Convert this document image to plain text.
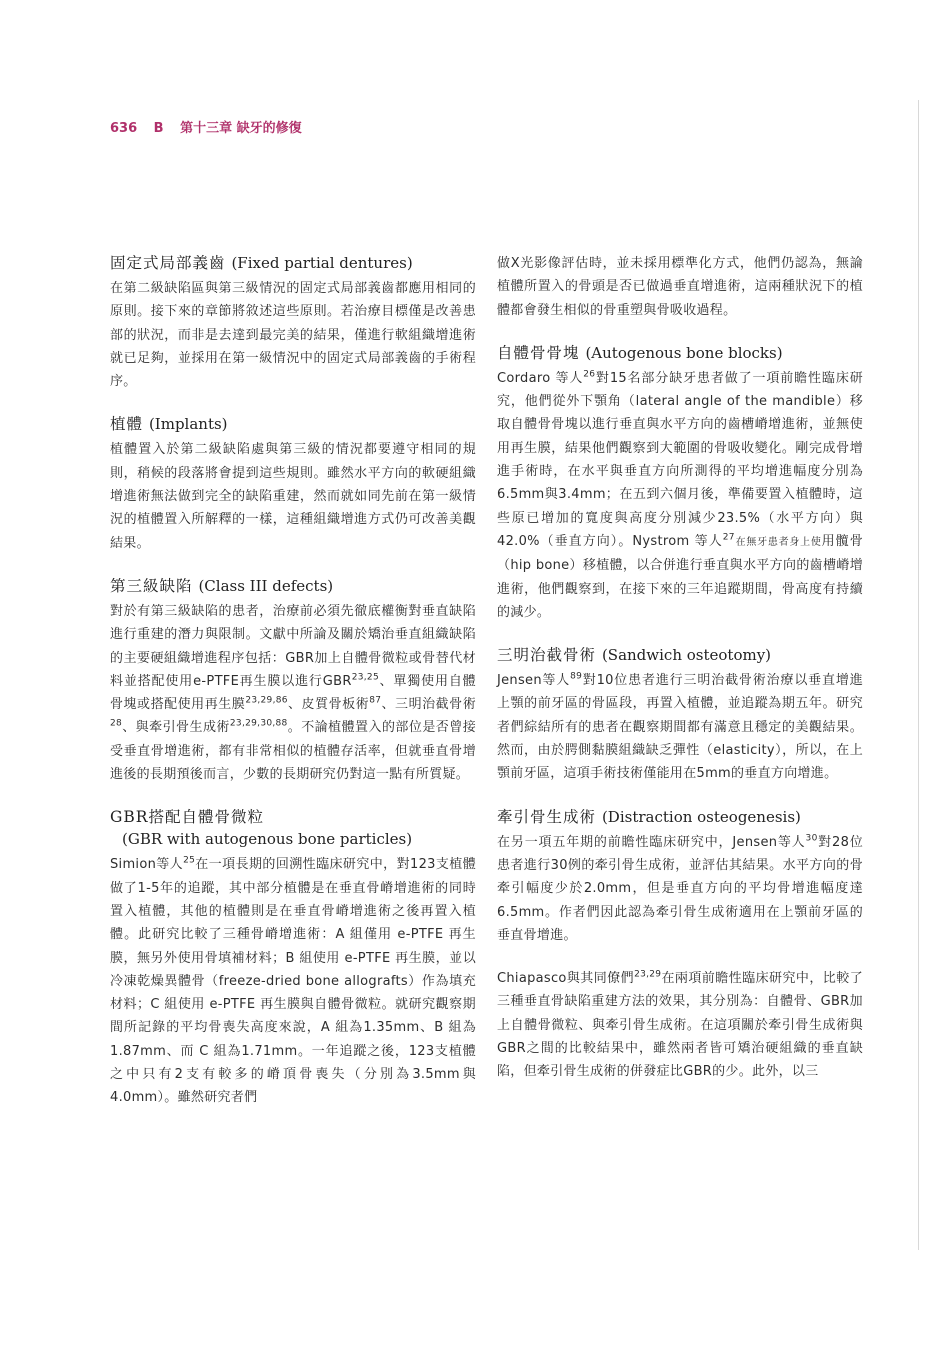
636 B 第十三章 缺牙的修復
固定式局部義齒 (Fixed partial dentures)

在第二級缺陷區與第三級情況的固定式局部義齒都應用相同的原則。接下來的章節將敘述這些原則。若治療目標僅是改善患部的狀況，而非是去達到最完美的結果，僅進行軟組織增進術就已足夠，並採用在第一級情況中的固定式局部義齒的手術程序。

植體 (Implants)

植體置入於第二級缺陷處與第三級的情況都要遵守相同的規則，稍候的段落將會提到這些規則。雖然水平方向的軟硬組織增進術無法做到完全的缺陷重建，然而就如同先前在第一級情況的植體置入所解釋的一樣，這種組織增進方式仍可改善美觀結果。

第三級缺陷 (Class III defects)

對於有第三級缺陷的患者，治療前必須先徹底權衡對垂直缺陷進行重建的潛力與限制。文獻中所論及關於矯治垂直組織缺陷的主要硬組織增進程序包括：GBR加上自體骨微粒或骨替代材料並搭配使用e-PTFE再生膜以進行GBR$^{23,25}$、單獨使用自體骨塊或搭配使用再生膜$^{23,29,86}$、皮質骨板術$^{87}$、三明治截骨術$^{28}$、與牽引骨生成術$^{23,29,30,88}$。不論植體置入的部位是否曾接受垂直骨增進術，都有非常相似的植體存活率，但就垂直骨增進後的長期預後而言，少數的長期研究仍對這一點有所質疑。

GBR搭配自體骨微粒
(GBR with autogenous bone particles)

Simion等人$^{25}$在一項長期的回溯性臨床研究中，對123支植體做了1-5年的追蹤，其中部分植體是在垂直骨嵴增進術的同時置入植體，其他的植體則是在垂直骨嵴增進術之後再置入植體。此研究比較了三種骨嵴增進術：A 組僅用 e-PTFE 再生膜，無另外使用骨填補材料；B 組使用 e-PTFE 再生膜，並以冷凍乾燥異體骨（freeze-dried bone allografts）作為填充材料；C 組使用 e-PTFE 再生膜與自體骨微粒。就研究觀察期間所記錄的平均骨喪失高度來說，A 組為1.35mm、B 組為1.87mm、而 C 組為1.71mm。一年追蹤之後，123支植體之中只有2支有較多的嵴頂骨喪失（分別為3.5mm與4.0mm）。雖然研究者們

做X光影像評估時，並未採用標準化方式，他們仍認為，無論植體所置入的骨頭是否已做過垂直增進術，這兩種狀況下的植體都會發生相似的骨重塑與骨吸收過程。

自體骨骨塊 (Autogenous bone blocks)

Cordaro 等人$^{26}$對15名部分缺牙患者做了一項前瞻性臨床研究，他們從外下顎角（lateral angle of the mandible）移取自體骨骨塊以進行垂直與水平方向的齒槽嵴增進術，並無使用再生膜，結果他們觀察到大範圍的骨吸收變化。剛完成骨增進手術時，在水平與垂直方向所測得的平均增進幅度分別為6.5mm與3.4mm；在五到六個月後，準備要置入植體時，這些原已增加的寬度與高度分別減少23.5%（水平方向）與42.0%（垂直方向）。Nystrom 等人$^{27}$在無牙患者身上使用髖骨（hip bone）移植體，以合併進行垂直與水平方向的齒槽嵴增進術，他們觀察到，在接下來的三年追蹤期間，骨高度有持續的減少。

三明治截骨術 (Sandwich osteotomy)

Jensen等人$^{89}$對10位患者進行三明治截骨術治療以垂直增進上顎的前牙區的骨區段，再置入植體，並追蹤為期五年。研究者們綜結所有的患者在觀察期間都有滿意且穩定的美觀結果。然而，由於腭側黏膜組織缺乏彈性（elasticity），所以，在上顎前牙區，這項手術技術僅能用在5mm的垂直方向增進。

牽引骨生成術 (Distraction osteogenesis)

在另一項五年期的前瞻性臨床研究中，Jensen等人$^{30}$對28位患者進行30例的牽引骨生成術，並評估其結果。水平方向的骨牽引幅度少於2.0mm，但是垂直方向的平均骨增進幅度達6.5mm。作者們因此認為牽引骨生成術適用在上顎前牙區的垂直骨增進。

Chiapasco與其同僚們$^{23,29}$在兩項前瞻性臨床研究中，比較了三種垂直骨缺陷重建方法的效果，其分別為：自體骨、GBR加上自體骨微粒、與牽引骨生成術。在這項關於牽引骨生成術與GBR之間的比較結果中，雖然兩者皆可矯治硬組織的垂直缺陷，但牽引骨生成術的併發症比GBR的少。此外，以三
